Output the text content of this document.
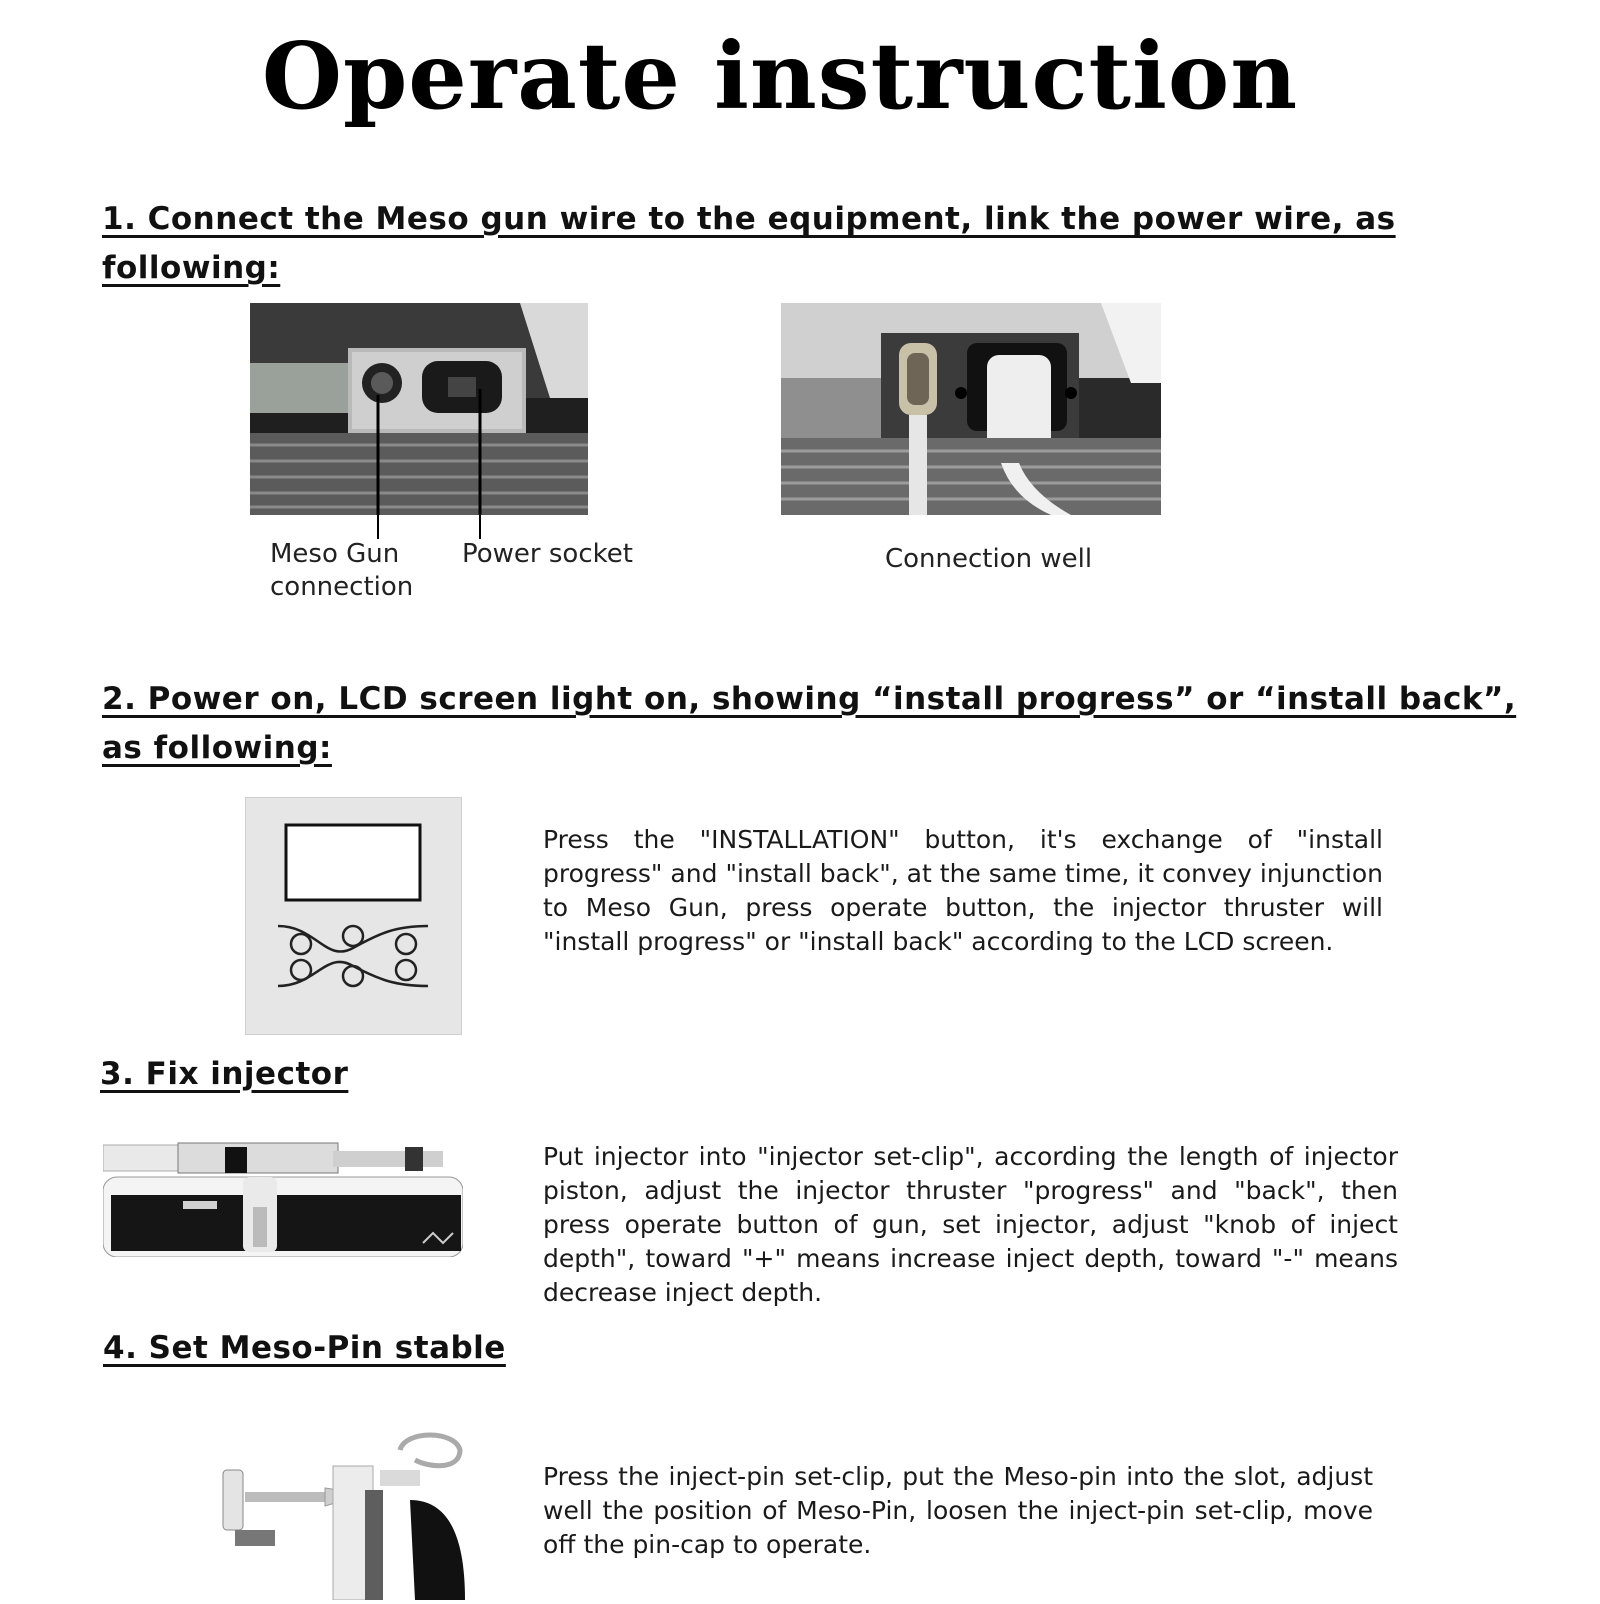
Operate instruction

1. Connect the Meso gun wire to the equipment, link the power wire, as following:

Meso Gun
connection

Power socket	Connection well

2. Power on, LCD screen light on, showing “install progress” or “install back”, as following:

Press the "INSTALLATION" button, it's exchange of "install progress" and "install back", at the same time, it convey injunction to Meso Gun, press operate button, the injector thruster will "install progress" or "install back" according to the LCD screen.

3. Fix injector

Put injector into "injector set-clip", according the length of injector piston, adjust the injector thruster "progress" and "back", then press operate button of gun, set injector, adjust "knob of inject depth", toward "+" means increase inject depth, toward "-" means decrease inject depth.

4. Set Meso-Pin stable

Press the inject-pin set-clip, put the Meso-pin into the slot, adjust well the position of Meso-Pin, loosen the inject-pin set-clip, move off the pin-cap to operate.
